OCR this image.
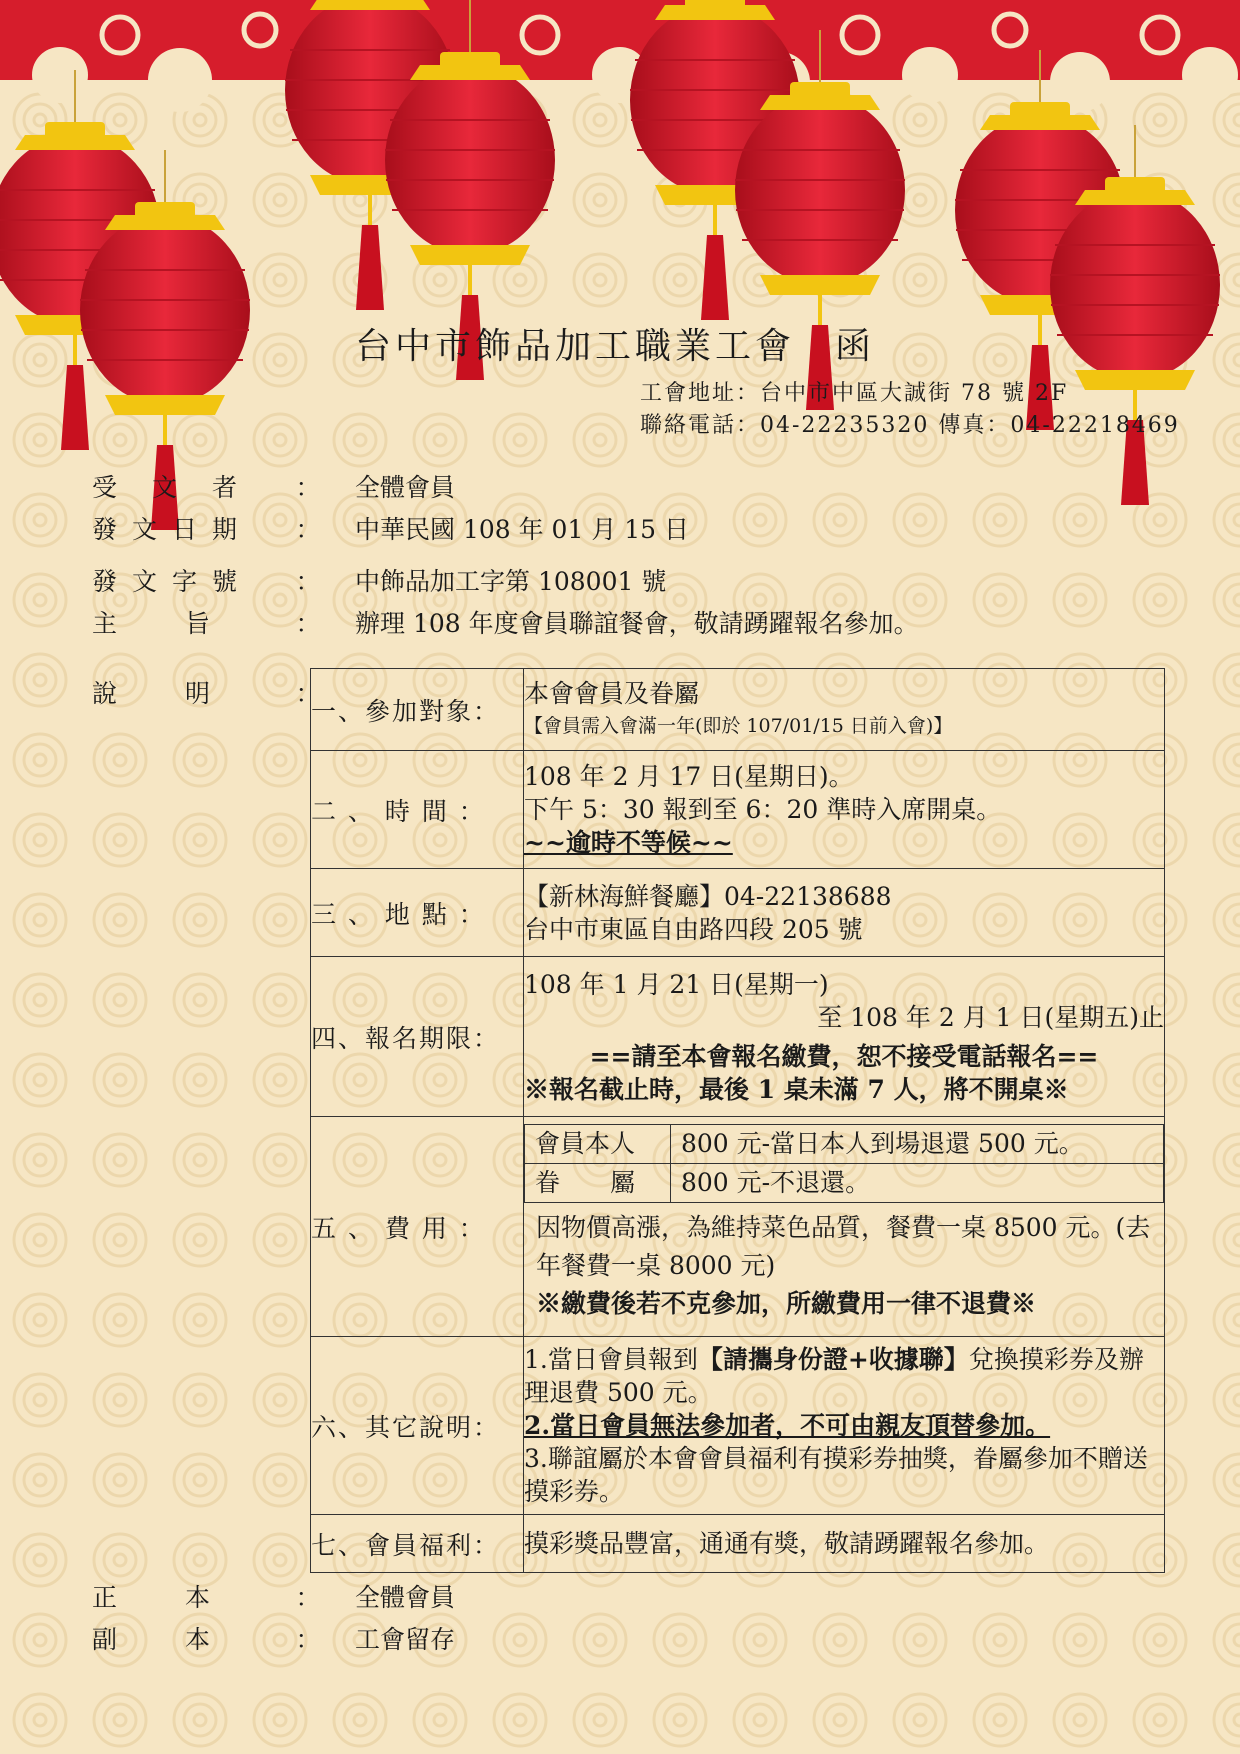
台中市飾品加工職業工會　函
工會地址：台中市中區大誠街 78 號 2F
聯絡電話：04-22235320 傳真：04-22218469
受 文 者	：	全體會員
發 文 日 期	：	中華民國 108 年 01 月 15 日
發 文 字 號	：	中飾品加工字第 108001 號
主	旨	：	辦理 108 年度會員聯誼餐會，敬請踴躍報名參加。
說	明	：
一、參加對象：	
本會會員及眷屬
【會員需入會滿一年(即於 107/01/15 日前入會)】

二 、 時 間 ：	
108 年 2 月 17 日(星期日)。
下午 5：30 報到至 6：20 準時入席開桌。
~~逾時不等候~~

三 、 地 點 ：	
【新林海鮮餐廳】04-22138688
台中市東區自由路四段 205 號

四、報名期限：	
108 年 1 月 21 日(星期一)
至 108 年 2 月 1 日(星期五)止
==請至本會報名繳費，恕不接受電話報名==
※報名截止時，最後 1 桌未滿 7 人，將不開桌※

五 、 費 用 ：	
會員本人	800 元-當日本人到場退還 500 元。
眷　　屬	800 元-不退還。
因物價高漲，為維持菜色品質，餐費一桌 8500 元。(去年餐費一桌 8000 元)
※繳費後若不克參加，所繳費用一律不退費※

六、其它說明：	
1.當日會員報到【請攜身份證+收據聯】兌換摸彩券及辦理退費 500 元。
2.當日會員無法參加者，不可由親友頂替參加。
3.聯誼屬於本會會員福利有摸彩券抽獎，眷屬參加不贈送摸彩券。

七、會員福利：	摸彩獎品豐富，通通有獎，敬請踴躍報名參加。
正	本	：	全體會員
副	本	：	工會留存
